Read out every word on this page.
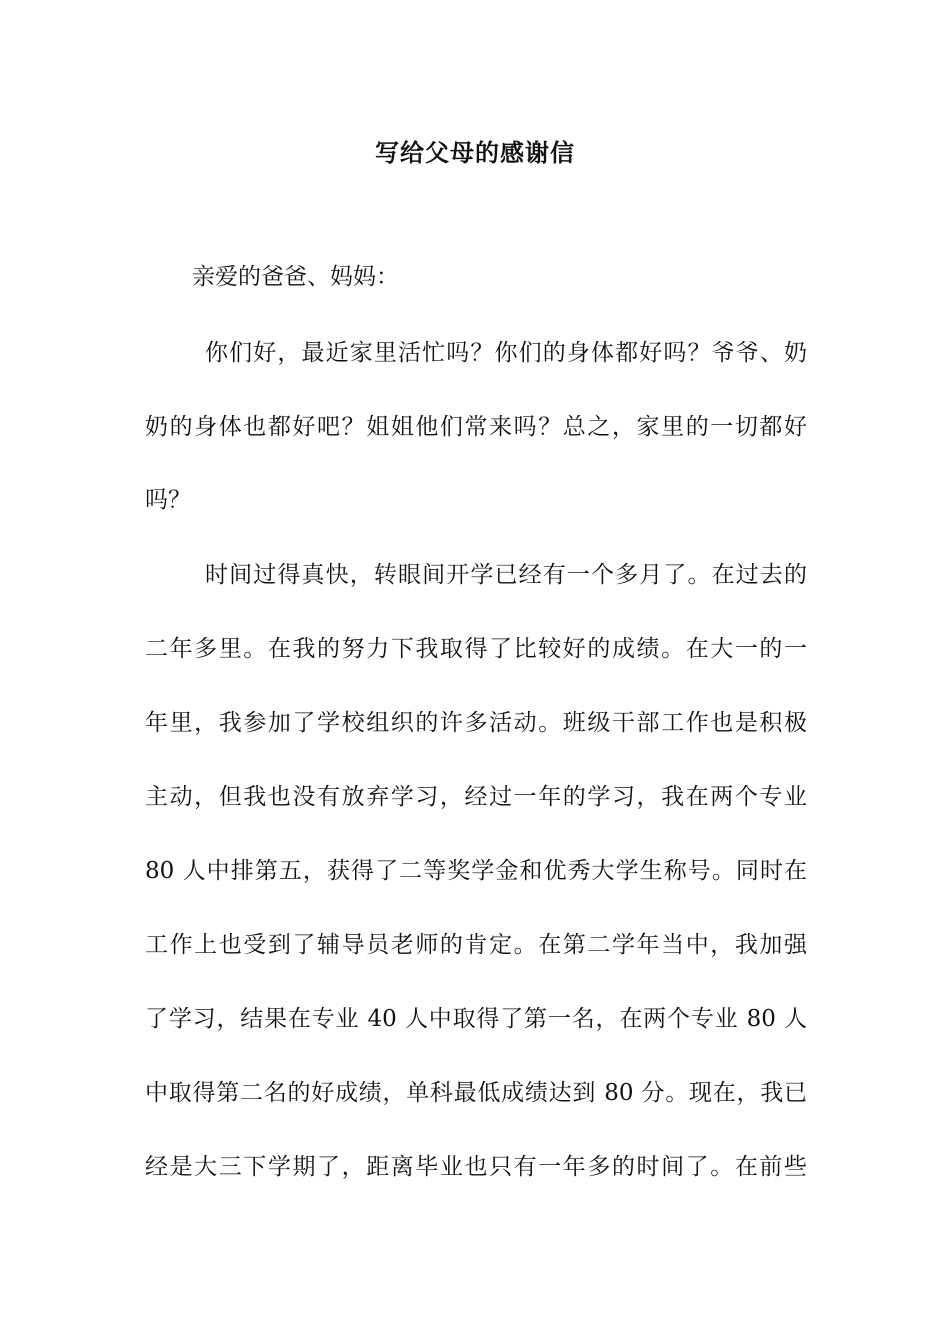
写给父母的感谢信
亲爱的爸爸、妈妈：
你们好，最近家里活忙吗？你们的身体都好吗？爷爷、奶
奶的身体也都好吧？姐姐他们常来吗？总之，家里的一切都好
吗？
时间过得真快，转眼间开学已经有一个多月了。在过去的
二年多里。在我的努力下我取得了比较好的成绩。在大一的一
年里，我参加了学校组织的许多活动。班级干部工作也是积极
主动，但我也没有放弃学习，经过一年的学习，我在两个专业
80 人中排第五，获得了二等奖学金和优秀大学生称号。同时在
工作上也受到了辅导员老师的肯定。在第二学年当中，我加强
了学习，结果在专业 40 人中取得了第一名，在两个专业 80 人
中取得第二名的好成绩，单科最低成绩达到 80 分。现在，我已
经是大三下学期了，距离毕业也只有一年多的时间了。在前些
